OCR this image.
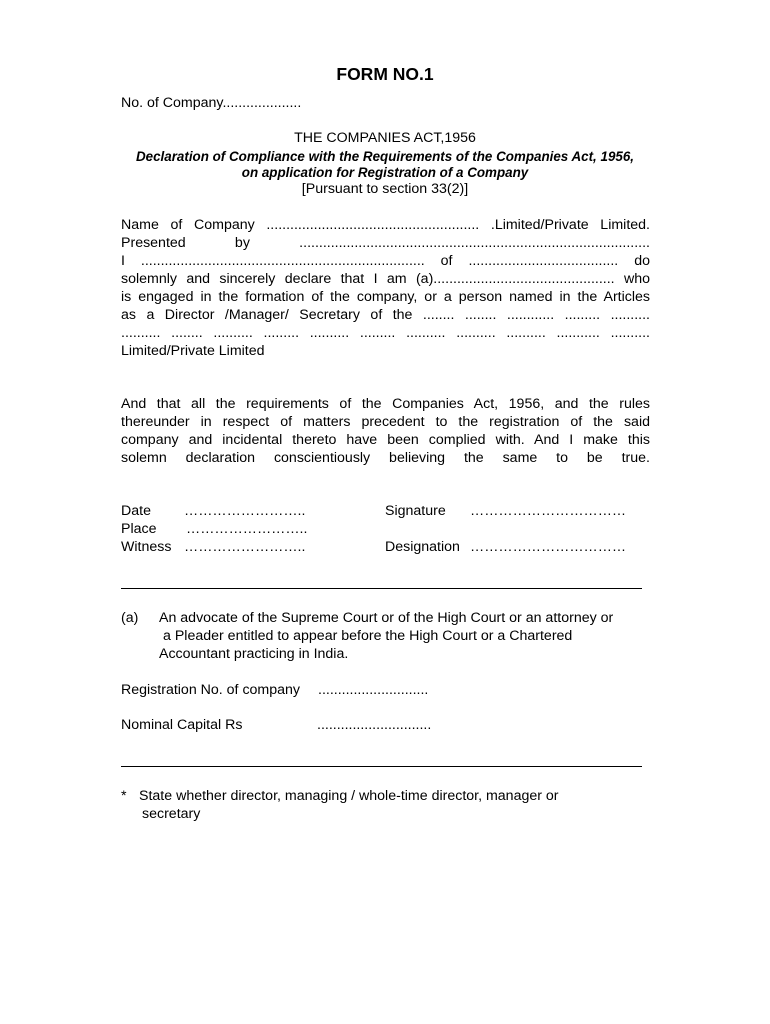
FORM NO.1
No. of Company....................
THE COMPANIES ACT,1956
Declaration of Compliance with the Requirements of the Companies Act, 1956,
on application for Registration of a Company
[Pursuant to section 33(2)]
Name of Company ...................................................... .Limited/Private Limited.
Presented by .........................................................................................
I ........................................................................ of ...................................... do
solemnly and sincerely declare that I am (a).............................................. who
is engaged in the formation of the company, or a person named in the Articles
as a Director /Manager/ Secretary of the ........ ........ ............ ......... ..........
.......... ........ .......... ......... .......... ......... .......... .......... .......... ........... ..........
Limited/Private Limited
And that all the requirements of the Companies Act, 1956, and the rules
thereunder in respect of matters precedent to the registration of the said
company and incidental thereto have been complied with. And I make this
solemn declaration conscientiously believing the same to be true.
Date ……………………..
Place ……………………..
Witness ……………………..
Signature ……………………………
Designation ……………………………
(a) An advocate of the Supreme Court or of the High Court or an attorney or
a Pleader entitled to appear before the High Court or a Chartered
Accountant practicing in India.
Registration No. of company ............................
Nominal Capital Rs	.............................
* State whether director, managing / whole-time director, manager or
secretary
